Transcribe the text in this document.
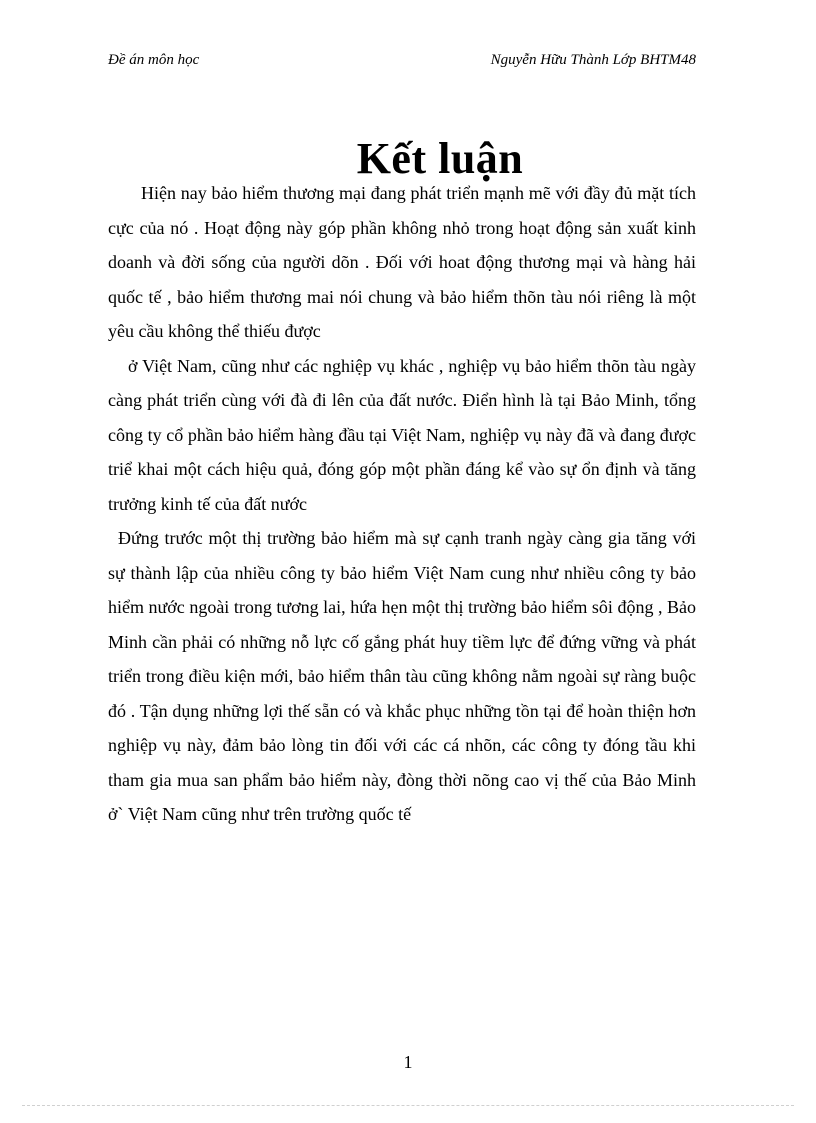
Đề án môn học	Nguyễn Hữu Thành Lớp BHTM48
Kết luận

Hiện nay bảo hiểm thương mại đang phát triển mạnh mẽ với đầy đủ mặt tích cực của nó . Hoạt động này góp phần không nhỏ trong hoạt động sản xuất kinh doanh và đời sống của người dõn . Đối với hoat động thương mại và hàng hải quốc tế , bảo hiểm thương mai nói chung và bảo hiểm thõn tàu nói riêng là một yêu cầu không thể thiếu được

ở Việt Nam, cũng như các nghiệp vụ khác , nghiệp vụ bảo hiểm thõn tàu ngày càng phát triển cùng với đà đi lên của đất nước. Điển hình là tại Bảo Minh, tổng công ty cổ phần bảo hiểm hàng đầu tại Việt Nam, nghiệp vụ này đã và đang được triể khai một cách hiệu quả, đóng góp một phần đáng kể vào sự ổn định và tăng trưởng kinh tế của đất nước

Đứng trước một thị trường bảo hiểm mà sự cạnh tranh ngày càng gia tăng với sự thành lập của nhiều công ty bảo hiểm Việt Nam cung như nhiều công ty bảo hiểm nước ngoài trong tương lai, hứa hẹn một thị trường bảo hiểm sôi động , Bảo Minh cần phải có những nỗ lực cố gắng phát huy tiềm lực để đứng vững và phát triển trong điều kiện mới, bảo hiểm thân tàu cũng không nằm ngoài sự ràng buộc đó . Tận dụng những lợi thế sẵn có và khắc phục những tồn tại để hoàn thiện hơn nghiệp vụ này, đảm bảo lòng tin đối với các cá nhõn, các công ty đóng tầu khi tham gia mua san phẩm bảo hiểm này, đòng thời nõng cao vị thế của Bảo Minh ở` Việt Nam cũng như trên trường quốc tế

1
